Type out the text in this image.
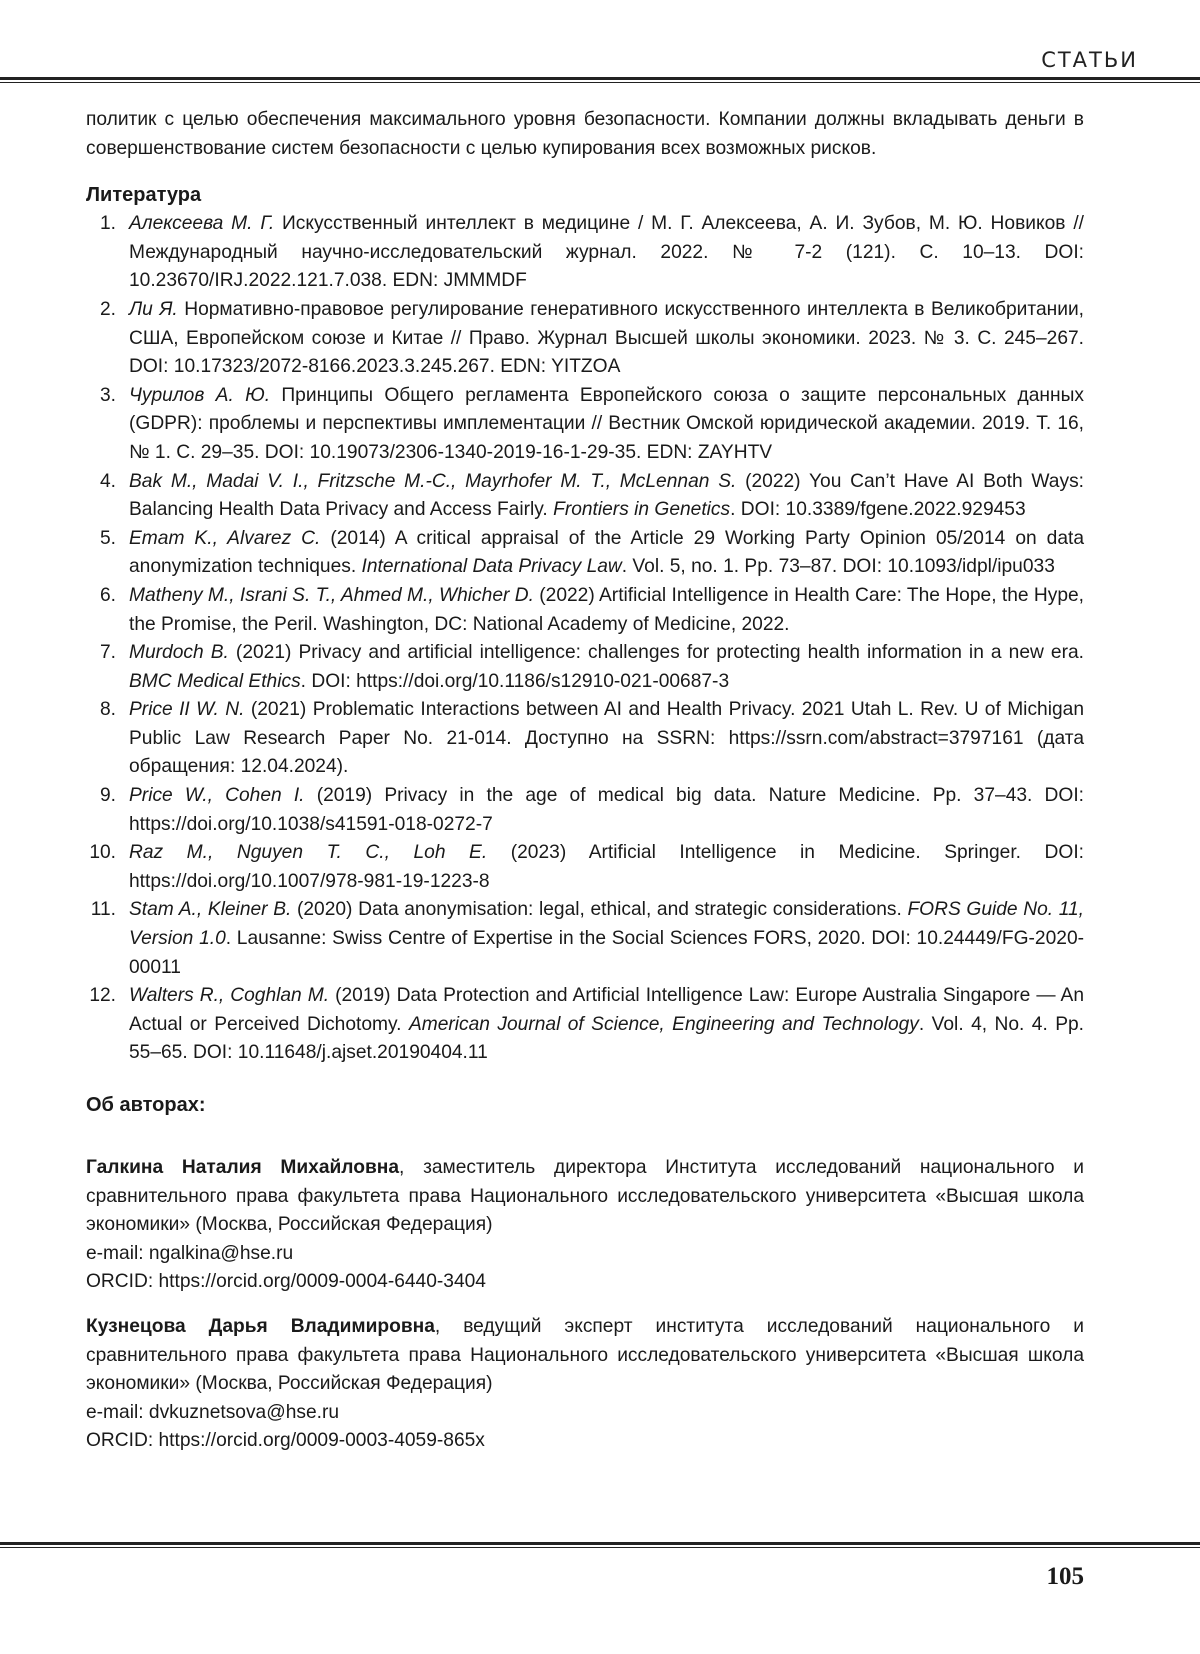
СТАТЬИ

политик с целью обеспечения максимального уровня безопасности. Компании должны вкладывать деньги в совершенствование систем безопасности с целью купирования всех возможных рисков.

Литература
1. Алексеева М. Г. Искусственный интеллект в медицине / М. Г. Алексеева, А. И. Зубов, М. Ю. Новиков // Международный научно-исследовательский журнал. 2022. № 7-2 (121). С. 10–13. DOI: 10.23670/IRJ.2022.121.7.038. EDN: JMMMDF
2. Ли Я. Нормативно-правовое регулирование генеративного искусственного интеллекта в Великобритании, США, Европейском союзе и Китае // Право. Журнал Высшей школы экономики. 2023. № 3. С. 245–267. DOI: 10.17323/2072-8166.2023.3.245.267. EDN: YITZOA
3. Чурилов А. Ю. Принципы Общего регламента Европейского союза о защите персональных данных (GDPR): проблемы и перспективы имплементации // Вестник Омской юридической академии. 2019. Т. 16, № 1. С. 29–35. DOI: 10.19073/2306-1340-2019-16-1-29-35. EDN: ZAYHTV
4. Bak M., Madai V. I., Fritzsche M.-C., Mayrhofer M. T., McLennan S. (2022) You Can’t Have AI Both Ways: Balancing Health Data Privacy and Access Fairly. Frontiers in Genetics. DOI: 10.3389/fgene.2022.929453
5. Emam K., Alvarez C. (2014) A critical appraisal of the Article 29 Working Party Opinion 05/2014 on data anonymization techniques. International Data Privacy Law. Vol. 5, no. 1. Pp. 73–87. DOI: 10.1093/idpl/ipu033
6. Matheny M., Israni S. T., Ahmed M., Whicher D. (2022) Artificial Intelligence in Health Care: The Hope, the Hype, the Promise, the Peril. Washington, DC: National Academy of Medicine, 2022.
7. Murdoch B. (2021) Privacy and artificial intelligence: challenges for protecting health information in a new era. BMC Medical Ethics. DOI: https://doi.org/10.1186/s12910-021-00687-3
8. Price II W. N. (2021) Problematic Interactions between AI and Health Privacy. 2021 Utah L. Rev. U of Michigan Public Law Research Paper No. 21-014. Доступно на SSRN: https://ssrn.com/abstract=3797161 (дата обращения: 12.04.2024).
9. Price W., Cohen I. (2019) Privacy in the age of medical big data. Nature Medicine. Pp. 37–43. DOI: https://doi.org/10.1038/s41591-018-0272-7
10. Raz M., Nguyen T. C., Loh E. (2023) Artificial Intelligence in Medicine. Springer. DOI: https://doi.org/10.1007/978-981-19-1223-8
11. Stam A., Kleiner B. (2020) Data anonymisation: legal, ethical, and strategic considerations. FORS Guide No. 11, Version 1.0. Lausanne: Swiss Centre of Expertise in the Social Sciences FORS, 2020. DOI: 10.24449/FG-2020-00011
12. Walters R., Coghlan M. (2019) Data Protection and Artificial Intelligence Law: Europe Australia Singapore — An Actual or Perceived Dichotomy. American Journal of Science, Engineering and Technology. Vol. 4, No. 4. Pp. 55–65. DOI: 10.11648/j.ajset.20190404.11
Об авторах:

Галкина Наталия Михайловна, заместитель директора Института исследований национального и сравнительного права факультета права Национального исследовательского университета «Высшая школа экономики» (Москва, Российская Федерация)

e-mail: ngalkina@hse.ru
ORCID: https://orcid.org/0009-0004-6440-3404

Кузнецова Дарья Владимировна, ведущий эксперт института исследований национального и сравнительного права факультета права Национального исследовательского университета «Высшая школа экономики» (Москва, Российская Федерация)

e-mail: dvkuznetsova@hse.ru
ORCID: https://orcid.org/0009-0003-4059-865x
105
